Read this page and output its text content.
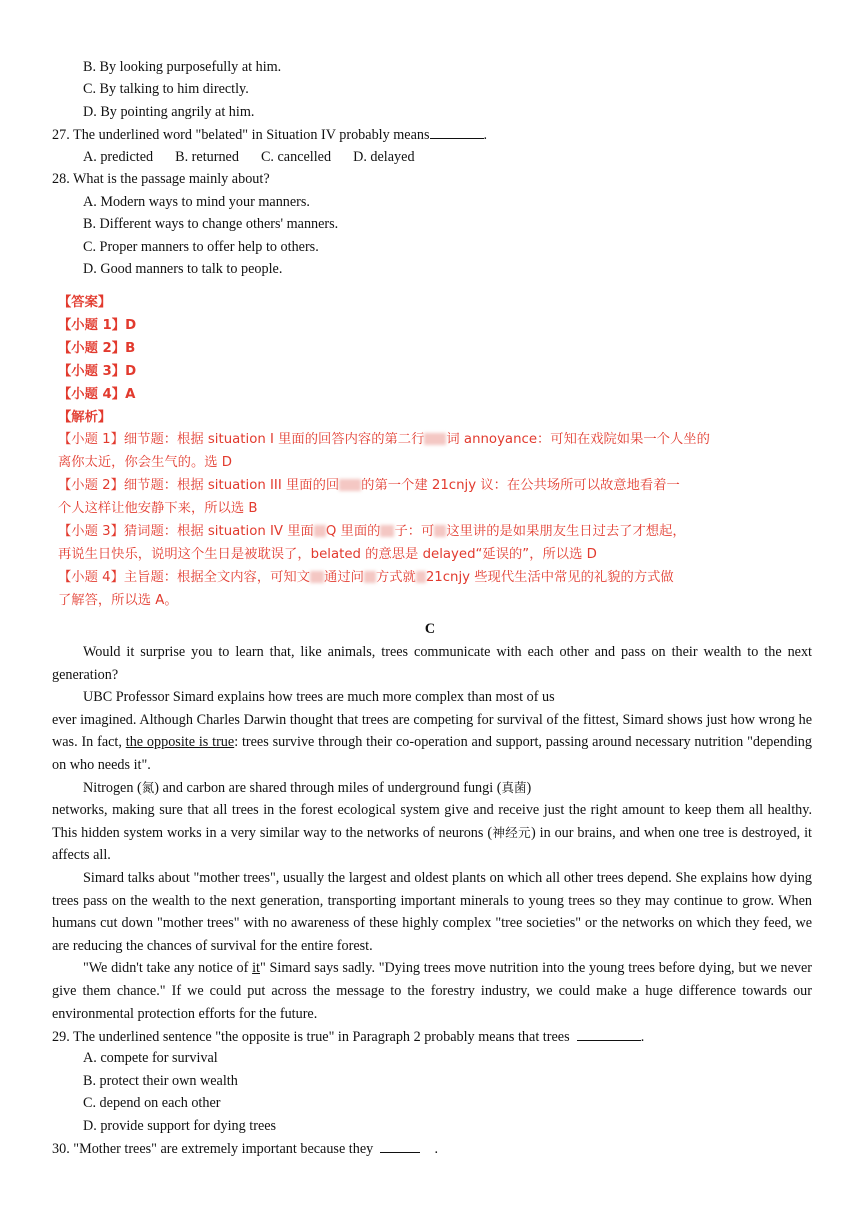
B. By looking purposefully at him.
C. By talking to him directly.
D. By pointing angrily at him.
27. The underlined word "belated" in Situation IV probably means	.
A. predicted B. returned C. cancelled D. delayed
28. What is the passage mainly about?
A. Modern ways to mind your manners.
B. Different ways to change others' manners.
C. Proper manners to offer help to others.
D. Good manners to talk to people.
【答案】
【小题 1】D
【小题 2】B
【小题 3】D
【小题 4】A
【解析】
【小题 1】细节题：根据 situation I 里面的回答内容的第二行 词 annoyance：可知在戏院如果一个人坐的
离你太近，你会生气的。选 D
【小题 2】细节题：根据 situation III 里面的回 的第一个建 21cnjy 议：在公共场所可以故意地看着一
个人这样让他安静下来，所以选 B
【小题 3】猜词题：根据 situation IV 里面 Q 里面的 子：可 这里讲的是如果朋友生日过去了才想起，
再说生日快乐，说明这个生日是被耽误了，belated 的意思是 delayed“延误的”，所以选 D
【小题 4】主旨题：根据全文内容，可知文 通过问 方式就 21cnjy 些现代生活中常见的礼貌的方式做
了解答，所以选 A。
C

Would it surprise you to learn that, like animals, trees communicate with each other and pass on their wealth to the next generation?

UBC Professor Simard explains how trees are much more complex than most of us

ever imagined. Although Charles Darwin thought that trees are competing for survival of the fittest, Simard shows just how wrong he was. In fact, the opposite is true: trees survive through their co-operation and support, passing around necessary nutrition "depending on who needs it".

Nitrogen (氮) and carbon are shared through miles of underground fungi (真菌)

networks, making sure that all trees in the forest ecological system give and receive just the right amount to keep them all healthy. This hidden system works in a very similar way to the networks of neurons (神经元) in our brains, and when one tree is destroyed, it affects all.

Simard talks about "mother trees", usually the largest and oldest plants on which all other trees depend. She explains how dying trees pass on the wealth to the next generation, transporting important minerals to young trees so they may continue to grow. When humans cut down "mother trees" with no awareness of these highly complex "tree societies" or the networks on which they feed, we are reducing the chances of survival for the entire forest.

"We didn't take any notice of it" Simard says sadly. "Dying trees move nutrition into the young trees before dying, but we never give them chance." If we could put across the message to the forestry industry, we could make a huge difference towards our environmental protection efforts for the future.

29. The underlined sentence "the opposite is true" in Paragraph 2 probably means that trees	.
A. compete for survival
B. protect their own wealth
C. depend on each other
D. provide support for dying trees
30. "Mother trees" are extremely important because they	.
